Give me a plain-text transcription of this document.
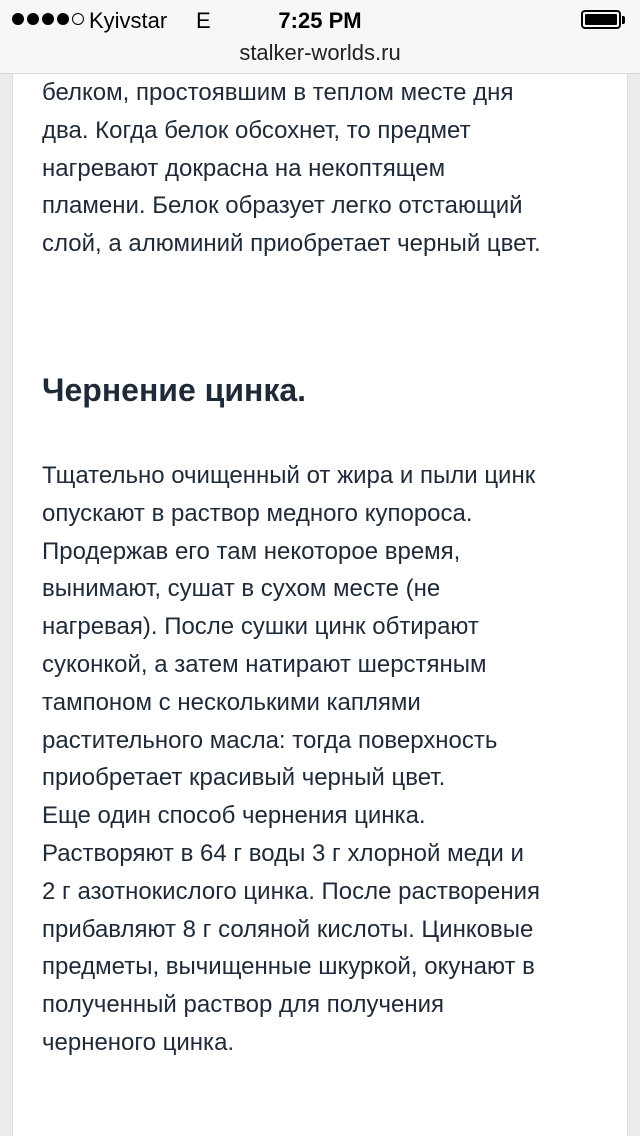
Kyivstar E	7:25 PM
stalker-worlds.ru

белком, простоявшим в теплом месте дня
два. Когда белок обсохнет, то предмет
нагревают докрасна на некоптящем
пламени. Белок образует легко отстающий
слой, а алюминий приобретает черный цвет.

Чернение цинка.

Тщательно очищенный от жира и пыли цинк
опускают в раствор медного купороса.
Продержав его там некоторое время,
вынимают, сушат в сухом месте (не
нагревая). После сушки цинк обтирают
суконкой, а затем натирают шерстяным
тампоном с несколькими каплями
растительного масла: тогда поверхность
приобретает красивый черный цвет.
Еще один способ чернения цинка.
Растворяют в 64 г воды 3 г хлорной меди и
2 г азотнокислого цинка. После растворения
прибавляют 8 г соляной кислоты. Цинковые
предметы, вычищенные шкуркой, окунают в
полученный раствор для получения
черненого цинка.
